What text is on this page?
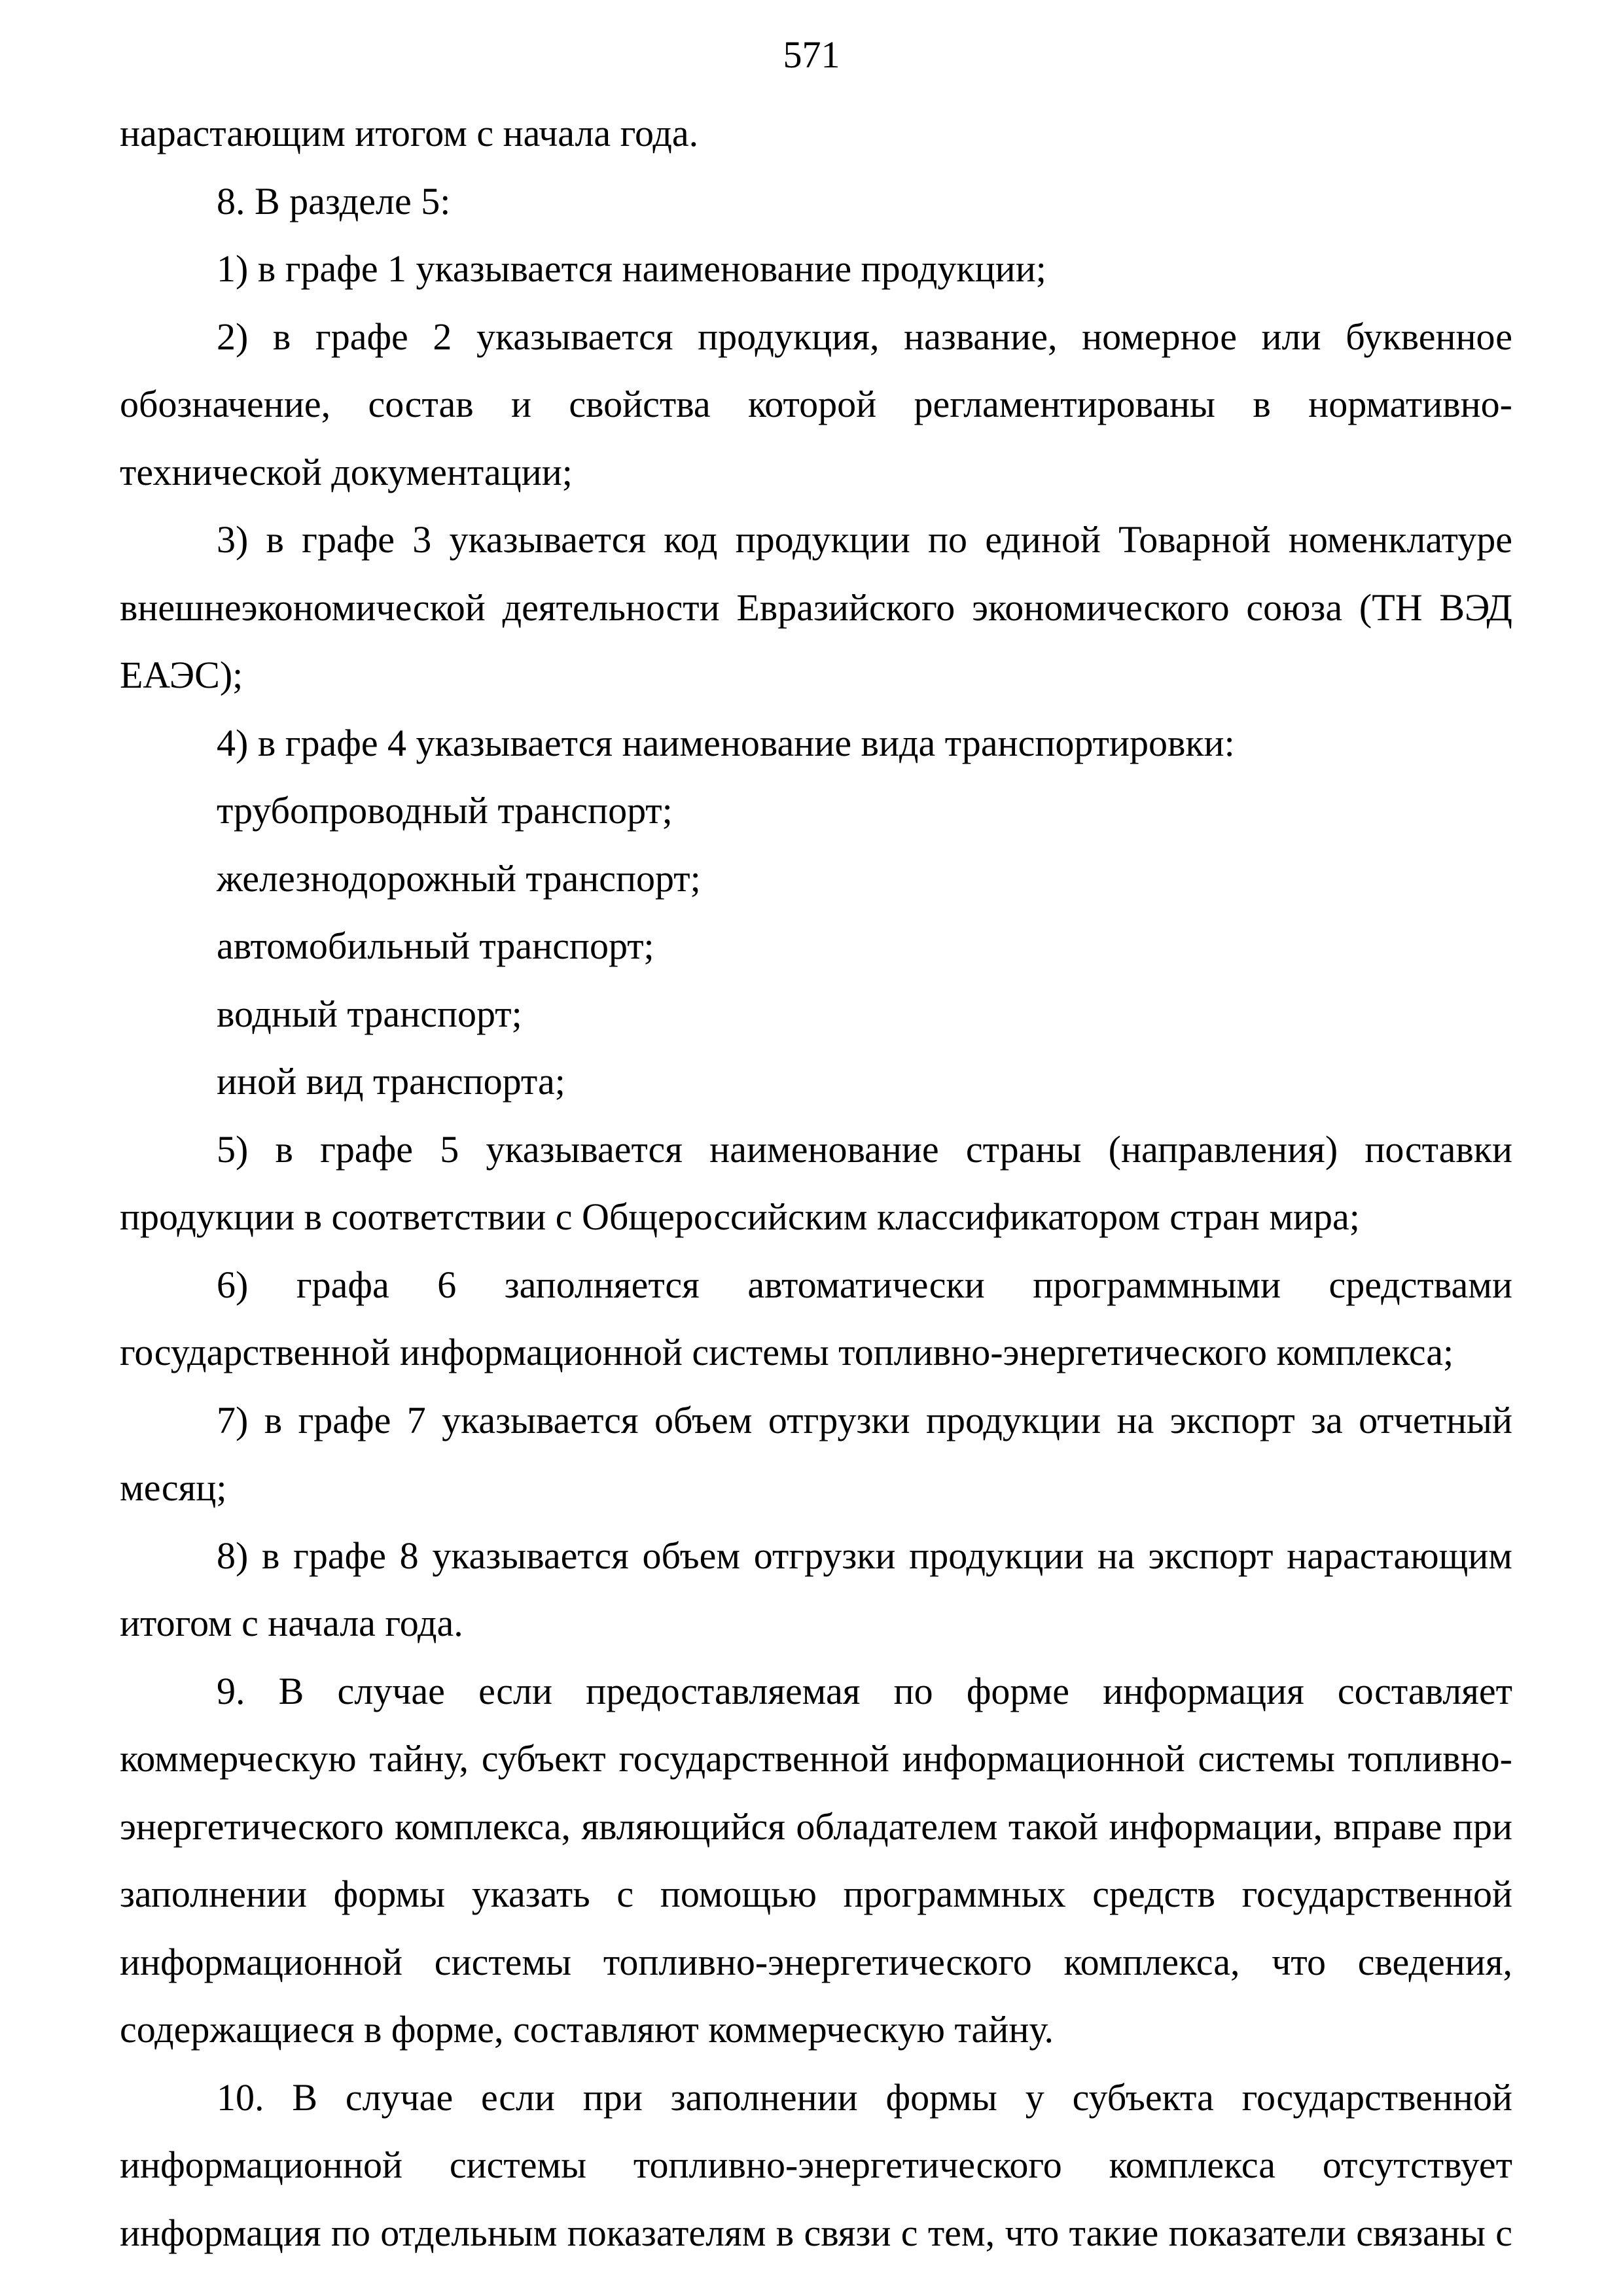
571

нарастающим итогом с начала года.

8. В разделе 5:

1) в графе 1 указывается наименование продукции;

2) в графе 2 указывается продукция, название, номерное или буквенное обозначение, состав и свойства которой регламентированы в нормативно-технической документации;

3) в графе 3 указывается код продукции по единой Товарной номенклатуре внешнеэкономической деятельности Евразийского экономического союза (ТН ВЭД ЕАЭС);

4) в графе 4 указывается наименование вида транспортировки:

трубопроводный транспорт;

железнодорожный транспорт;

автомобильный транспорт;

водный транспорт;

иной вид транспорта;

5) в графе 5 указывается наименование страны (направления) поставки продукции в соответствии с Общероссийским классификатором стран мира;

6) графа 6 заполняется автоматически программными средствами государственной информационной системы топливно-энергетического комплекса;

7) в графе 7 указывается объем отгрузки продукции на экспорт за отчетный месяц;

8) в графе 8 указывается объем отгрузки продукции на экспорт нарастающим итогом с начала года.

9. В случае если предоставляемая по форме информация составляет коммерческую тайну, субъект государственной информационной системы топливно-энергетического комплекса, являющийся обладателем такой информации, вправе при заполнении формы указать с помощью программных средств государственной информационной системы топливно-энергетического комплекса, что сведения, содержащиеся в форме, составляют коммерческую тайну.

10. В случае если при заполнении формы у субъекта государственной информационной системы топливно-энергетического комплекса отсутствует информация по отдельным показателям в связи с тем, что такие показатели связаны с
